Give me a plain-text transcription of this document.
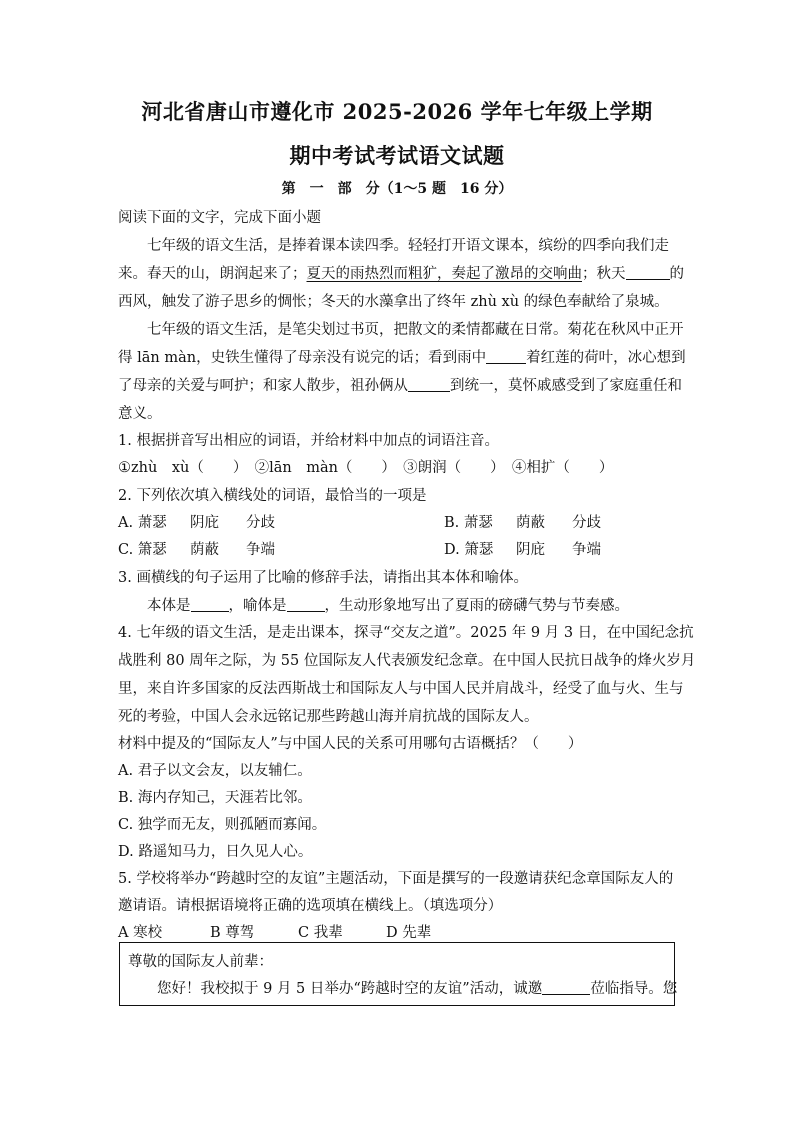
河北省唐山市遵化市 2025-2026 学年七年级上学期
期中考试考试语文试题
第　一　部　分（1～5 题　16 分）
阅读下面的文字，完成下面小题
七年级的语文生活，是捧着课本读四季。轻轻打开语文课本，缤纷的四季向我们走
来。春天的山，朗润起来了；夏天的雨热烈而粗犷，奏起了激昂的交响曲；秋天	的
西风，触发了游子思乡的惆怅；冬天的水藻拿出了终年 zhù xù 的绿色奉献给了泉城。
七年级的语文生活，是笔尖划过书页，把散文的柔情都藏在日常。菊花在秋风中正开
得 lān màn，史铁生懂得了母亲没有说完的话；看到雨中	着红莲的荷叶，冰心想到
了母亲的关爱与呵护；和家人散步，祖孙俩从	到统一，莫怀戚感受到了家庭重任和
意义。
1. 根据拼音写出相应的词语，并给材料中加点的词语注音。
①zhù　xù（　　）　②lān　màn（　　）　③朗润（　　）　④相扩（　　）
2. 下列依次填入横线处的词语，最恰当的一项是
A. 萧瑟 阴庇 分歧	B. 萧瑟 荫蔽 分歧
C. 箫瑟 荫蔽 争端	D. 箫瑟 阴庇 争端
3. 画横线的句子运用了比喻的修辞手法，请指出其本体和喻体。
本体是	，喻体是	，生动形象地写出了夏雨的磅礴气势与节奏感。
4. 七年级的语文生活，是走出课本，探寻“交友之道”。2025 年 9 月 3 日，在中国纪念抗
战胜利 80 周年之际，为 55 位国际友人代表颁发纪念章。在中国人民抗日战争的烽火岁月
里，来自许多国家的反法西斯战士和国际友人与中国人民并肩战斗，经受了血与火、生与
死的考验，中国人会永远铭记那些跨越山海并肩抗战的国际友人。
材料中提及的“国际友人”与中国人民的关系可用哪句古语概括？（　　）
A. 君子以文会友，以友辅仁。
B. 海内存知己，天涯若比邻。
C. 独学而无友，则孤陋而寡闻。
D. 路遥知马力，日久见人心。
5. 学校将举办“跨越时空的友谊”主题活动，下面是撰写的一段邀请获纪念章国际友人的
邀请语。请根据语境将正确的选项填在横线上。（填选项分）
A 寒校	B 尊驾	C 我辈	D 先辈
尊敬的国际友人前辈：
您好！我校拟于 9 月 5 日举办“跨越时空的友谊”活动，诚邀	莅临指导。您
